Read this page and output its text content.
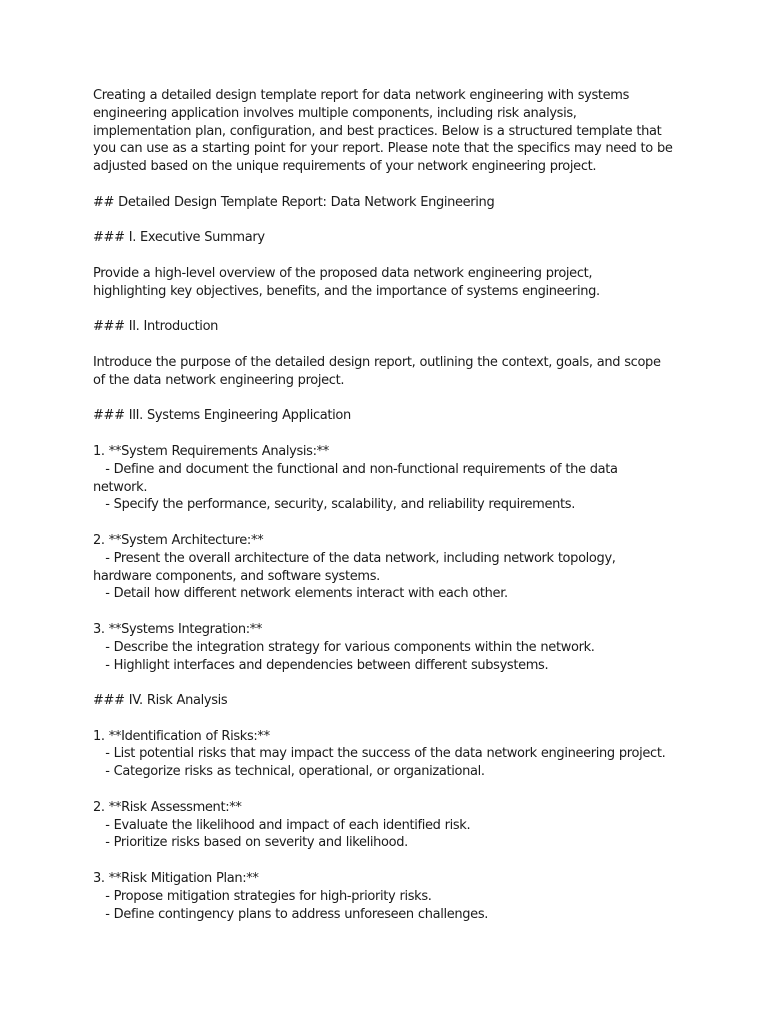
Creating a detailed design template report for data network engineering with systems
engineering application involves multiple components, including risk analysis,
implementation plan, configuration, and best practices. Below is a structured template that
you can use as a starting point for your report. Please note that the specifics may need to be
adjusted based on the unique requirements of your network engineering project.
## Detailed Design Template Report: Data Network Engineering
### I. Executive Summary
Provide a high-level overview of the proposed data network engineering project,
highlighting key objectives, benefits, and the importance of systems engineering.
### II. Introduction
Introduce the purpose of the detailed design report, outlining the context, goals, and scope
of the data network engineering project.
### III. Systems Engineering Application
1. **System Requirements Analysis:**
- Define and document the functional and non-functional requirements of the data
network.
- Specify the performance, security, scalability, and reliability requirements.
2. **System Architecture:**
- Present the overall architecture of the data network, including network topology,
hardware components, and software systems.
- Detail how different network elements interact with each other.
3. **Systems Integration:**
- Describe the integration strategy for various components within the network.
- Highlight interfaces and dependencies between different subsystems.
### IV. Risk Analysis
1. **Identification of Risks:**
- List potential risks that may impact the success of the data network engineering project.
- Categorize risks as technical, operational, or organizational.
2. **Risk Assessment:**
- Evaluate the likelihood and impact of each identified risk.
- Prioritize risks based on severity and likelihood.
3. **Risk Mitigation Plan:**
- Propose mitigation strategies for high-priority risks.
- Define contingency plans to address unforeseen challenges.
